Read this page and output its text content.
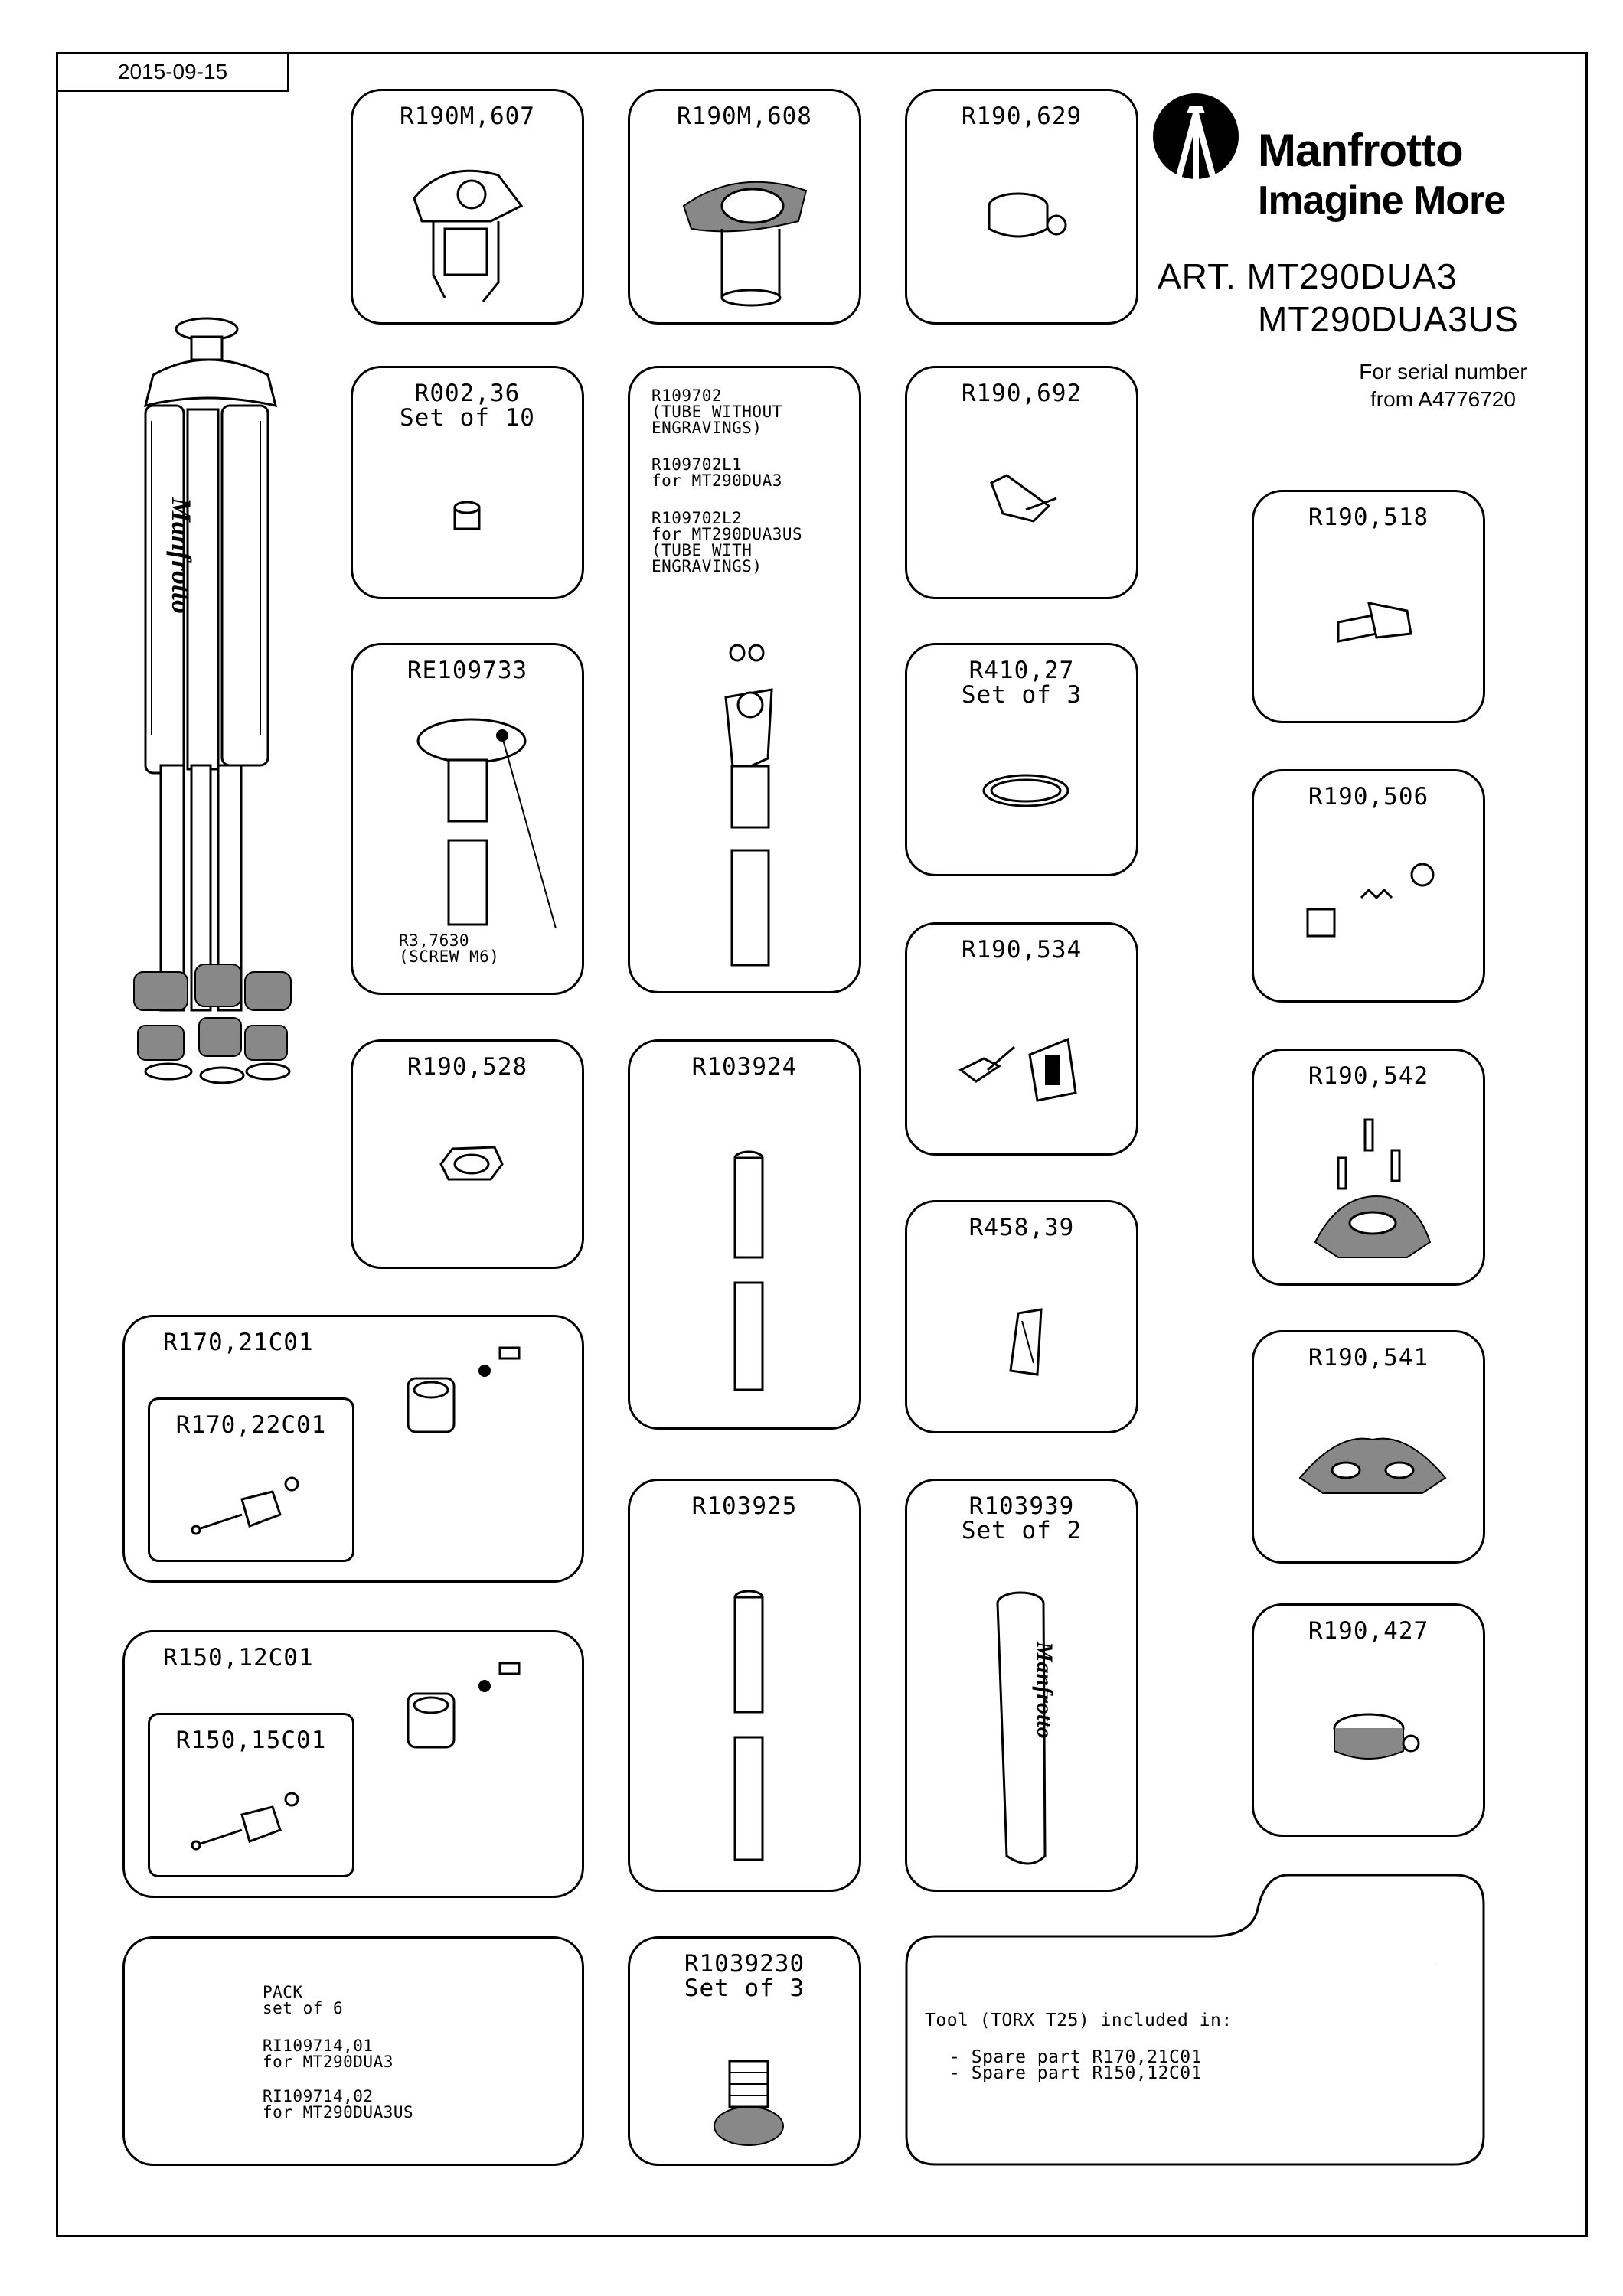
2015-09-15
Manfrotto
Imagine More
ART. MT290DUA3
MT290DUA3US
For serial number
from A4776720
Manfrotto
R190M,607
R002,36
Set of 10
RE109733
R3,7630
(SCREW M6)
R190,528
R190M,608
R109702
(TUBE WITHOUT
ENGRAVINGS)
R109702L1
for MT290DUA3
R109702L2
for MT290DUA3US
(TUBE WITH
ENGRAVINGS)
R103924
R103925
R1039230
Set of 3
R190,629
R190,692
R410,27
Set of 3
R190,534
R458,39
R103939
Set of 2
Manfrotto
R190,518
R190,506
R190,542
R190,541
R190,427
R170,21C01
R170,22C01
R150,12C01
R150,15C01
PACK
set of 6
RI109714,01
for MT290DUA3
RI109714,02
for MT290DUA3US
Tool (TORX T25) included in:
- Spare part R170,21C01
- Spare part R150,12C01
